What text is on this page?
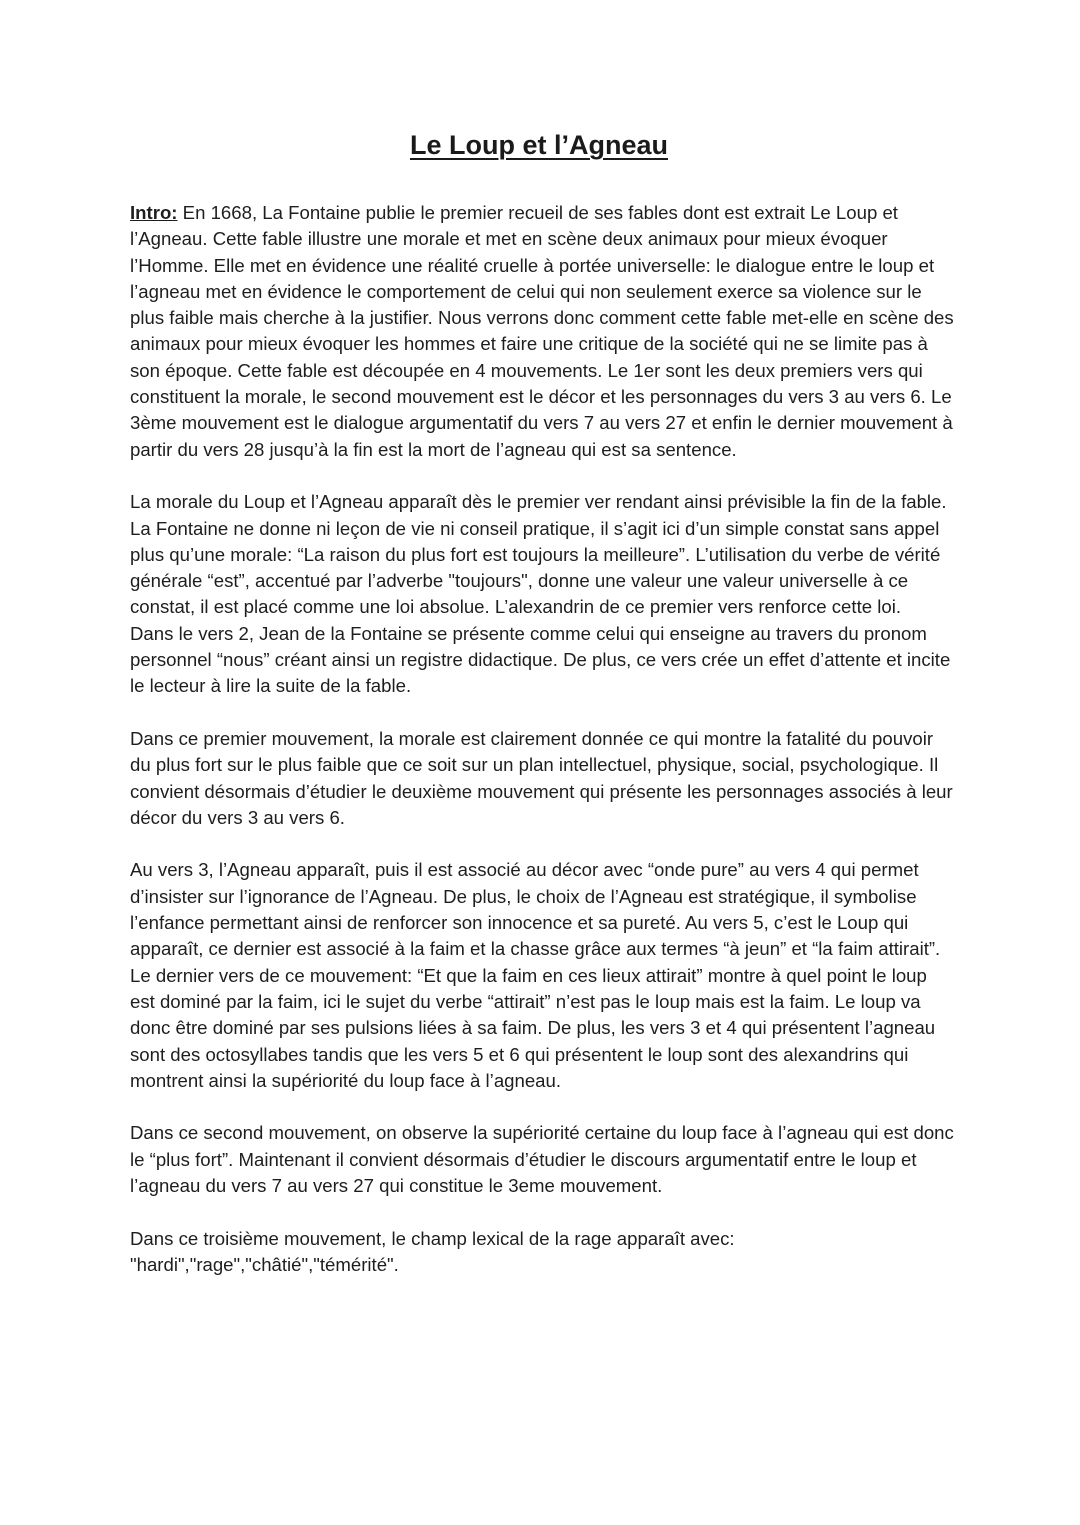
Le Loup et l’Agneau

Intro: En 1668, La Fontaine publie le premier recueil de ses fables dont est extrait Le Loup et l’Agneau. Cette fable illustre une morale et met en scène deux animaux pour mieux évoquer l’Homme. Elle met en évidence une réalité cruelle à portée universelle: le dialogue entre le loup et l’agneau met en évidence le comportement de celui qui non seulement exerce sa violence sur le plus faible mais cherche à la justifier. Nous verrons donc comment cette fable met-elle en scène des animaux pour mieux évoquer les hommes et faire une critique de la société qui ne se limite pas à son époque. Cette fable est découpée en 4 mouvements. Le 1er sont les deux premiers vers qui constituent la morale, le second mouvement est le décor et les personnages du vers 3 au vers 6. Le 3ème mouvement est le dialogue argumentatif du vers 7 au vers 27 et enfin le dernier mouvement à partir du vers 28 jusqu’à la fin est la mort de l’agneau qui est sa sentence.

La morale du Loup et l’Agneau apparaît dès le premier ver rendant ainsi prévisible la fin de la fable. La Fontaine ne donne ni leçon de vie ni conseil pratique, il s’agit ici d’un simple constat sans appel plus qu’une morale: “La raison du plus fort est toujours la meilleure”. L’utilisation du verbe de vérité générale “est”, accentué par l’adverbe "toujours", donne une valeur une valeur universelle à ce constat, il est placé comme une loi absolue. L’alexandrin de ce premier vers renforce cette loi.

Dans le vers 2, Jean de la Fontaine se présente comme celui qui enseigne au travers du pronom personnel “nous” créant ainsi un registre didactique. De plus, ce vers crée un effet d’attente et incite le lecteur à lire la suite de la fable.

Dans ce premier mouvement, la morale est clairement donnée ce qui montre la fatalité du pouvoir du plus fort sur le plus faible que ce soit sur un plan intellectuel, physique, social, psychologique. Il convient désormais d’étudier le deuxième mouvement qui présente les personnages associés à leur décor du vers 3 au vers 6.

Au vers 3, l’Agneau apparaît, puis il est associé au décor avec “onde pure” au vers 4 qui permet d’insister sur l’ignorance de l’Agneau. De plus, le choix de l’Agneau est stratégique, il symbolise l’enfance permettant ainsi de renforcer son innocence et sa pureté. Au vers 5, c’est le Loup qui apparaît, ce dernier est associé à la faim et la chasse grâce aux termes “à jeun” et “la faim attirait”. Le dernier vers de ce mouvement: “Et que la faim en ces lieux attirait” montre à quel point le loup est dominé par la faim, ici le sujet du verbe “attirait” n’est pas le loup mais est la faim. Le loup va donc être dominé par ses pulsions liées à sa faim. De plus, les vers 3 et 4 qui présentent l’agneau sont des octosyllabes tandis que les vers 5 et 6 qui présentent le loup sont des alexandrins qui montrent ainsi la supériorité du loup face à l’agneau.

Dans ce second mouvement, on observe la supériorité certaine du loup face à l’agneau qui est donc le “plus fort”. Maintenant il convient désormais d’étudier le discours argumentatif entre le loup et l’agneau du vers 7 au vers 27 qui constitue le 3eme mouvement.

Dans ce troisième mouvement, le champ lexical de la rage apparaît avec: "hardi","rage","châtié","témérité".
